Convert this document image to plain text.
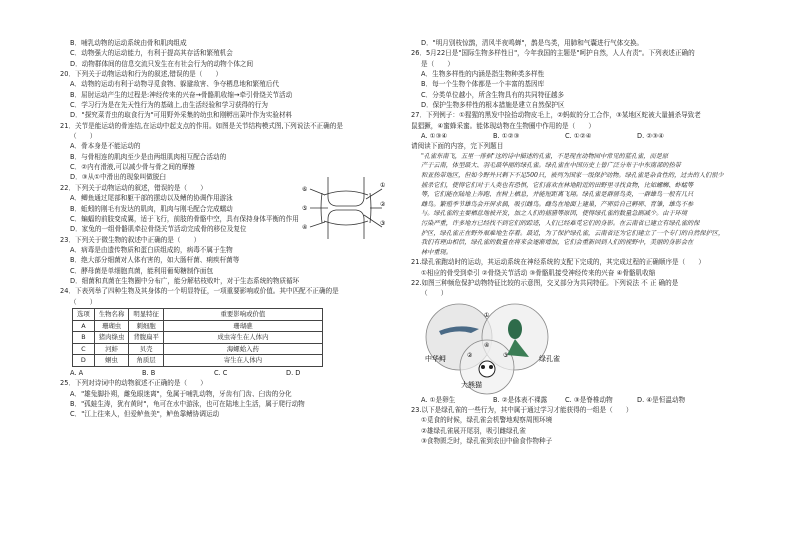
B．哺乳动物的运动系统由骨和肌肉组成
C．动物强大的运动能力，有利于提高其存活和繁殖机会
D．动物群体间的信息交流只发生在有社会行为的动物个体之间
20．下列关于动物运动和行为的叙述,错误的是（　　）
A．动物的运动有利于动物寻觅食物、躲避敌害、争夺栖息地和繁殖后代
B．屈肘运动产生的过程是:神经传来的兴奋→骨骼肌收缩→牵引骨绕关节活动
C．学习行为是在先天性行为的基础上,由生活经验和学习获得的行为
D．"探究菜青虫的取食行为"可用野外采集的幼虫和刚孵出菜叶作为实验材料
21．关节是能运动的骨连结,在运动中起支点的作用。如图是关节结构模式图,下列说法不正确的是
（　　）
A．骨本身是不能运动的
B．与骨相连的肌肉至少是由两组肌肉相互配合活动的
C．②内有滑液,可以减少骨与骨之间的摩擦
D．③从①中滑出的现象叫做脱臼
22．下列关于动物运动的叙述，错误的是（　　）
A．鲫鱼通过尾部和躯干部的摆动以及鳍的协调作用游泳
B．蚯蚓的刚毛有发达的肌肉，肌肉与刚毛配合完成蠕动
C．蝙蝠的前肢变成翼，适于飞行，前肢的骨骼中空，具有保持身体平衡的作用
D．家兔的一组骨骼肌牵拉骨绕关节活动完成骨的移位及复位
23．下列关于微生物的叙述中正确的是（　　）
A．病毒是由遗传物质和蛋白质组成的，病毒不属于生物
B．绝大部分细菌对人体有害的，如大肠杆菌、痢疾杆菌等
C．酵母菌是单细胞真菌，能利用葡萄糖制作面包
D．细菌和真菌在生物圈中分布广，能分解枯枝败叶，对于生态系统的物质循环
24．下表列举了四种生物及其身体的一个明显特征，一项重要影响或价值。其中匹配不正确的是
（　　）
选项	生物名称	明显特征	重要影响或价值
A	珊瑚虫	刺细胞	珊瑚礁
B	猪肉绦虫	背腹扁平	成虫寄生在人体内
C	河蚌	贝壳	海螺蛤入药
D	蛔虫	角质层	寄生在人体内
A. A	B. B	C. C	D. D
25．下列对诗词中的动物叙述不正确的是（　　）
A．"雄兔脚扑朔，雌兔眼迷离"，兔属于哺乳动物，牙齿有门齿、臼齿的分化
B．"孤蛙生涛，犹有黄时"，龟可在水中游泳，也可在陆地上生活，属于爬行动物
C．"江上往来人，但爱鲈鱼美"，鲈鱼靠鳍协调运动
⑥
⑤
④
①
②
③
D．"明月别枝惊鹊，清风半夜鸣蝉"，鹊是鸟类，用肺和气囊进行气体交换。
26．5月22日是"国际生物多样性日"，今年我国的主题是"呵护自然，人人有责"。下列表述正确的
是（　　）
A．生物多样性的内涵是指生物种类多样性
B．每一个生物个体都是一个丰富的基因库
C．分类单位越小，所含生物具有的共同特征越多
D．保护生物多样性的根本措施是建立自然保护区
27．下列例子：①猩猩的黑发中捡拾动物皮毛上，②蚂蚁的分工合作，③某地区蛇被大量捕杀导致老
鼠猖獗，④蜜蜂采蜜。能体现动物在生物圈中作用的是（　　）
A. ①③④	B. ①②③	C. ①②④	D. ②③④
请阅读下面的内容，完下列题目
"孔雀东南飞，五里一徘徊"这的诗中描述的孔雀，不是现在动物园中常见的蓝孔雀，而是原
产于云南，体型最大、羽毛最华丽的绿孔雀。绿孔雀在中国历史上曾广泛分布于中东南部的热带
和亚热带地区，但如今野外只剩下不足500只，被列为国家一级保护动物。绿孔雀是杂食性的，过去的人们很少
捕杀它们，使得它们对于人类也有恐惧，它们喜欢在林地附近的田野里寻找食物，比如螺蛳、蚱蜢等
等，它们能在陆地上奔跑、在树上栖息，并能短距离飞翔。绿孔雀是群居鸟类，一群雄鸟一般有几只
雌鸟。繁殖季节雄鸟会开屏求偶，吸引雌鸟。雌鸟在地面上建巢，产卵后自己孵卵、育雏，雄鸟不参
与。绿孔雀的主要栖息地被开发，加之人们的捕猎等原因，使得绿孔雀的数量急剧减少。由于环境
污染严重，许多地方已经找不到它们的踪迹，人们已经难觅它们的身影。在云南省已建立有绿孔雀的保
护区，绿孔雀正在野外艰难地生存着。最近，为了保护绿孔雀，云南省还为它们建立了一个专门的自然保护区，
我们有理由相信，绿孔雀的数量在将来会逐渐增加，它们会重新回到人们的视野中，美丽的身影会在
林中重现。
21.绿孔雀跑动时的运动，其运动系统在神经系统的支配下完成的，其完成过程的正确顺序是（　　）
①相应的骨受到牵引 ②骨绕关节活动 ③骨骼肌接受神经传来的兴奋 ④骨骼肌收缩
22.如图三种频危保护动物特征比较的示意图，交叉部分为共同特征。下列说法 不 正 确的是
（　　）
中华鲟	绿孔雀
大熊猫
①
②	③
④
A. ①是卵生	B. ②是体表不裸露	C. ③是脊椎动物	D. ④是恒温动物
23.以下是绿孔雀的一些行为，其中属于通过学习才能获得的一组是（　　）
①觅食的时候，绿孔雀会机警地观察周围环境
②雄绿孔雀展开尾羽，吸引雌绿孔雀
③食物匮乏时，绿孔雀到农田中偷食作物种子
